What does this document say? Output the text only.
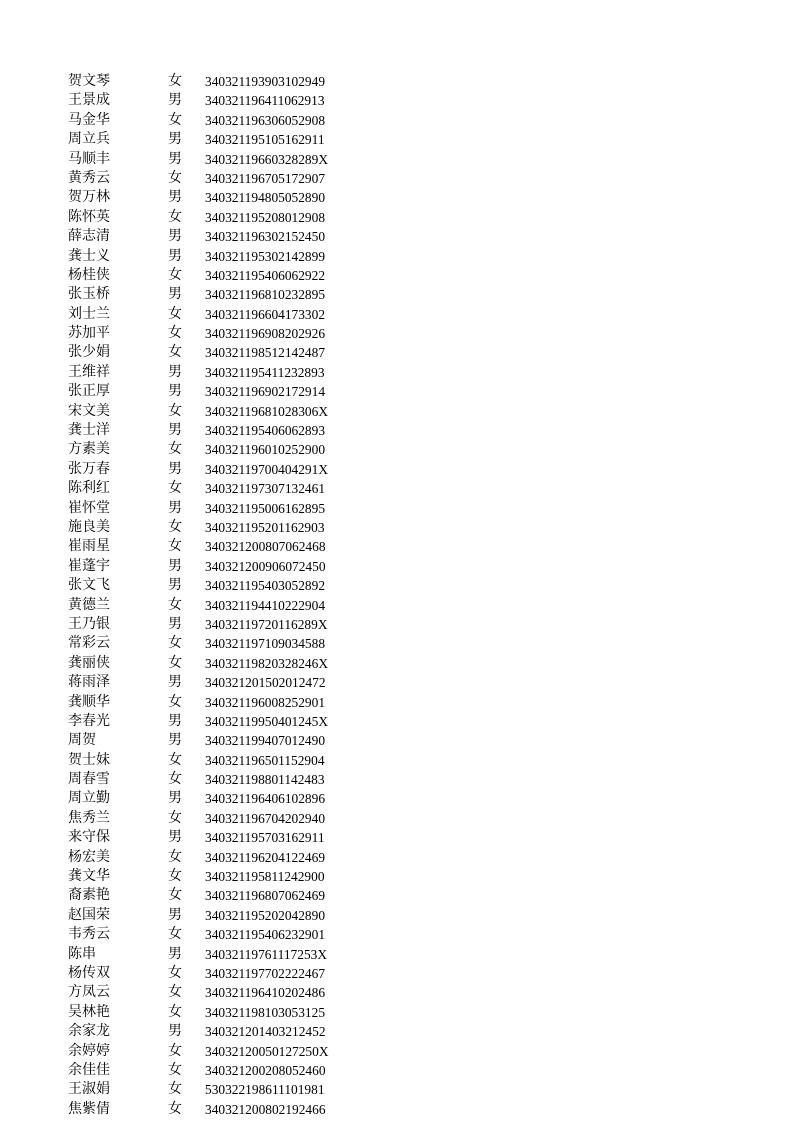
贺文琴	女 340321193903102949
王景成	男 340321196411062913
马金华	女 340321196306052908
周立兵	男 340321195105162911
马顺丰	男 34032119660328289X
黄秀云	女 340321196705172907
贺万林	男 340321194805052890
陈怀英	女 340321195208012908
薛志清	男 340321196302152450
龚士义	男 340321195302142899
杨桂侠	女 340321195406062922
张玉桥	男 340321196810232895
刘士兰	女 340321196604173302
苏加平	女 340321196908202926
张少娟	女 340321198512142487
王维祥	男 340321195411232893
张正厚	男 340321196902172914
宋文美	女 34032119681028306X
龚士洋	男 340321195406062893
方素美	女 340321196010252900
张万春	男 34032119700404291X
陈利红	女 340321197307132461
崔怀堂	男 340321195006162895
施良美	女 340321195201162903
崔雨星	女 340321200807062468
崔蓬宇	男 340321200906072450
张文飞	男 340321195403052892
黄德兰	女 340321194410222904
王乃银	男 34032119720116289X
常彩云	女 340321197109034588
龚丽侠	女 34032119820328246X
蒋雨泽	男 340321201502012472
龚顺华	女 340321196008252901
李春光	男 34032119950401245X
周贺	男 340321199407012490
贺士妹	女 340321196501152904
周春雪	女 340321198801142483
周立勤	男 340321196406102896
焦秀兰	女 340321196704202940
来守保	男 340321195703162911
杨宏美	女 340321196204122469
龚文华	女 340321195811242900
裔素艳	女 340321196807062469
赵国荣	男 340321195202042890
韦秀云	女 340321195406232901
陈串	男 34032119761117253X
杨传双	女 340321197702222467
方凤云	女 340321196410202486
吴林艳	女 340321198103053125
余家龙	男 340321201403212452
余婷婷	女 34032120050127250X
余佳佳	女 340321200208052460
王淑娟	女 530322198611101981
焦紫倩	女 340321200802192466
